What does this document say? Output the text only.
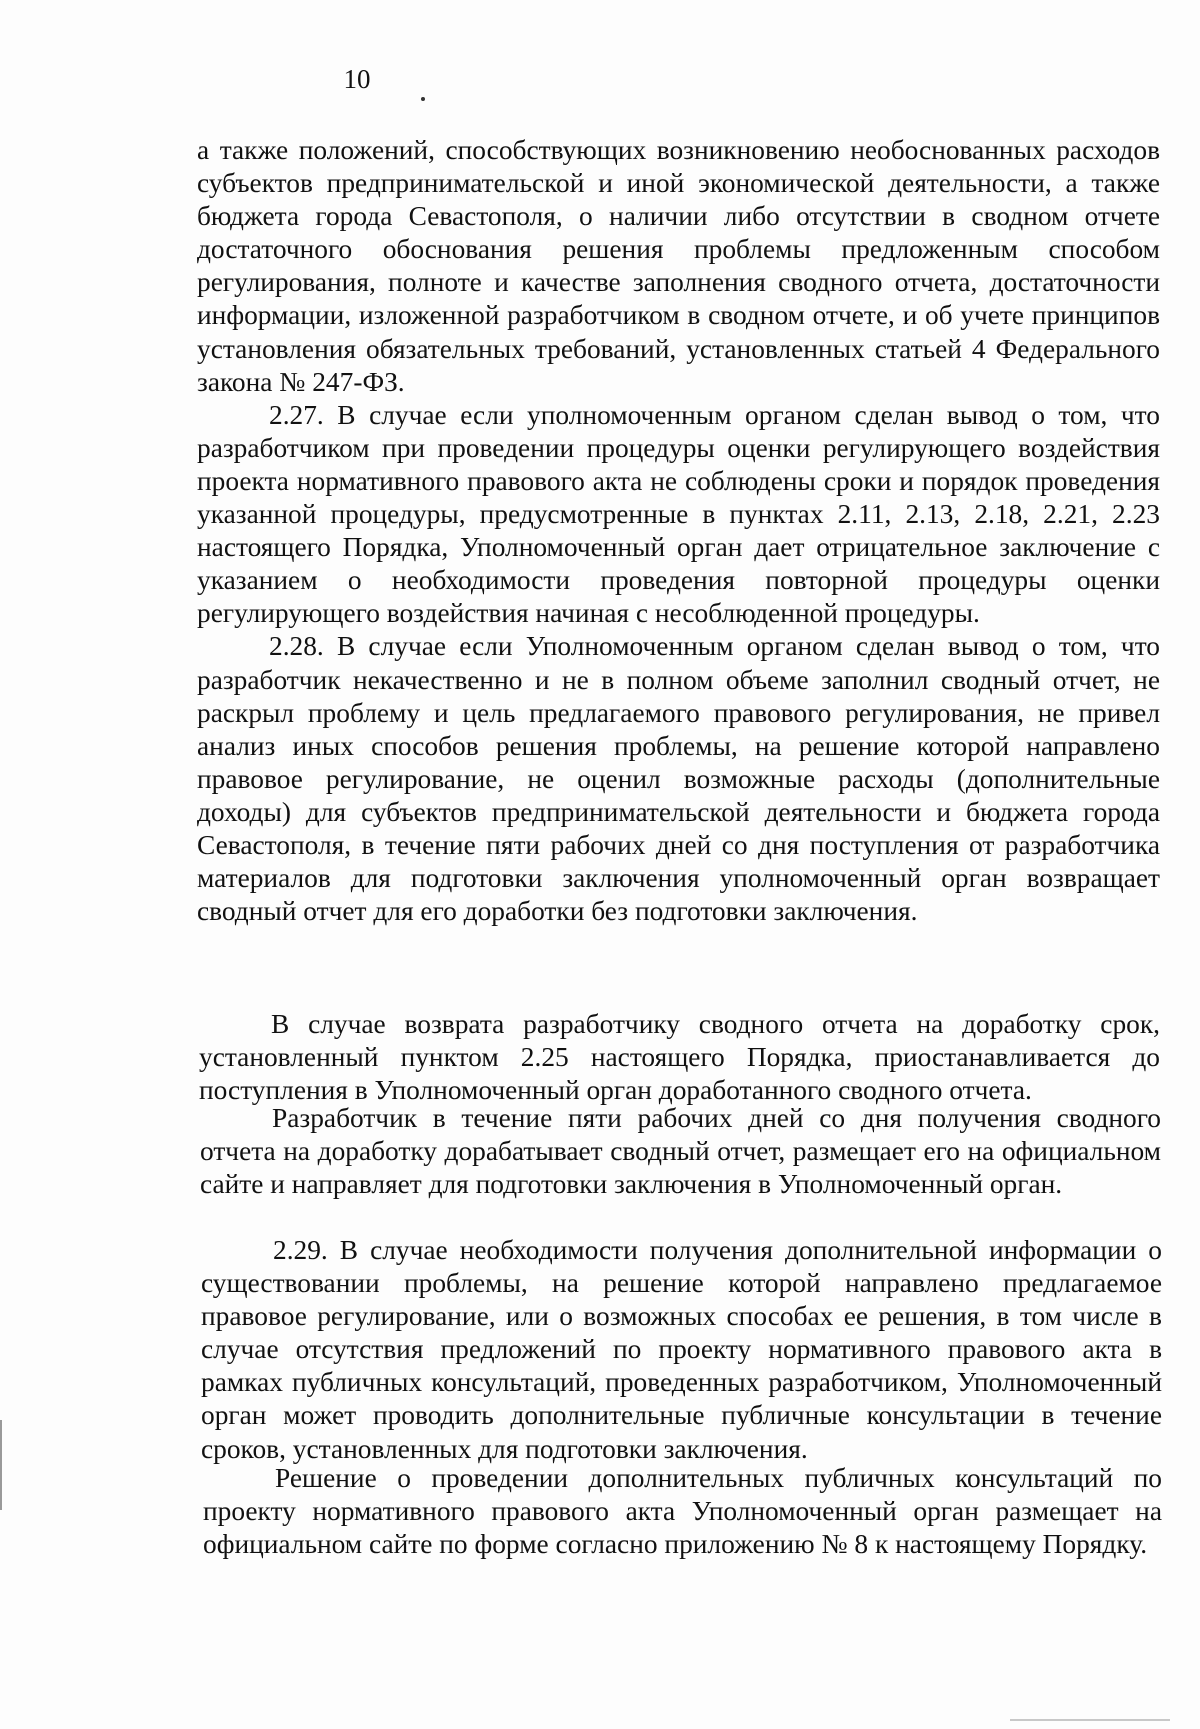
10

а также положений, способствующих возникновению необоснованных расходов субъектов предпринимательской и иной экономической деятельности, а также бюджета города Севастополя, о наличии либо отсутствии в сводном отчете достаточного обоснования решения проблемы предложенным способом регулирования, полноте и качестве заполнения сводного отчета, достаточности информации, изложенной разработчиком в сводном отчете, и об учете принципов установления обязательных требований, установленных статьей 4 Федерального закона № 247-ФЗ.

2.27. В случае если уполномоченным органом сделан вывод о том, что разработчиком при проведении процедуры оценки регулирующего воздействия проекта нормативного правового акта не соблюдены сроки и порядок проведения указанной процедуры, предусмотренные в пунктах 2.11, 2.13, 2.18, 2.21, 2.23 настоящего Порядка, Уполномоченный орган дает отрицательное заключение с указанием о необходимости проведения повторной процедуры оценки регулирующего воздействия начиная с несоблюденной процедуры.

2.28. В случае если Уполномоченным органом сделан вывод о том, что разработчик некачественно и не в полном объеме заполнил сводный отчет, не раскрыл проблему и цель предлагаемого правового регулирования, не привел анализ иных способов решения проблемы, на решение которой направлено правовое регулирование, не оценил возможные расходы (дополнительные доходы) для субъектов предпринимательской деятельности и бюджета города Севастополя, в течение пяти рабочих дней со дня поступления от разработчика материалов для подготовки заключения уполномоченный орган возвращает сводный отчет для его доработки без подготовки заключения.

В случае возврата разработчику сводного отчета на доработку срок, установленный пунктом 2.25 настоящего Порядка, приостанавливается до поступления в Уполномоченный орган доработанного сводного отчета.

Разработчик в течение пяти рабочих дней со дня получения сводного отчета на доработку дорабатывает сводный отчет, размещает его на официальном сайте и направляет для подготовки заключения в Уполномоченный орган.

2.29. В случае необходимости получения дополнительной информации о существовании проблемы, на решение которой направлено предлагаемое правовое регулирование, или о возможных способах ее решения, в том числе в случае отсутствия предложений по проекту нормативного правового акта в рамках публичных консультаций, проведенных разработчиком, Уполномоченный орган может проводить дополнительные публичные консультации в течение сроков, установленных для подготовки заключения.

Решение о проведении дополнительных публичных консультаций по проекту нормативного правового акта Уполномоченный орган размещает на официальном сайте по форме согласно приложению № 8 к настоящему Порядку.
